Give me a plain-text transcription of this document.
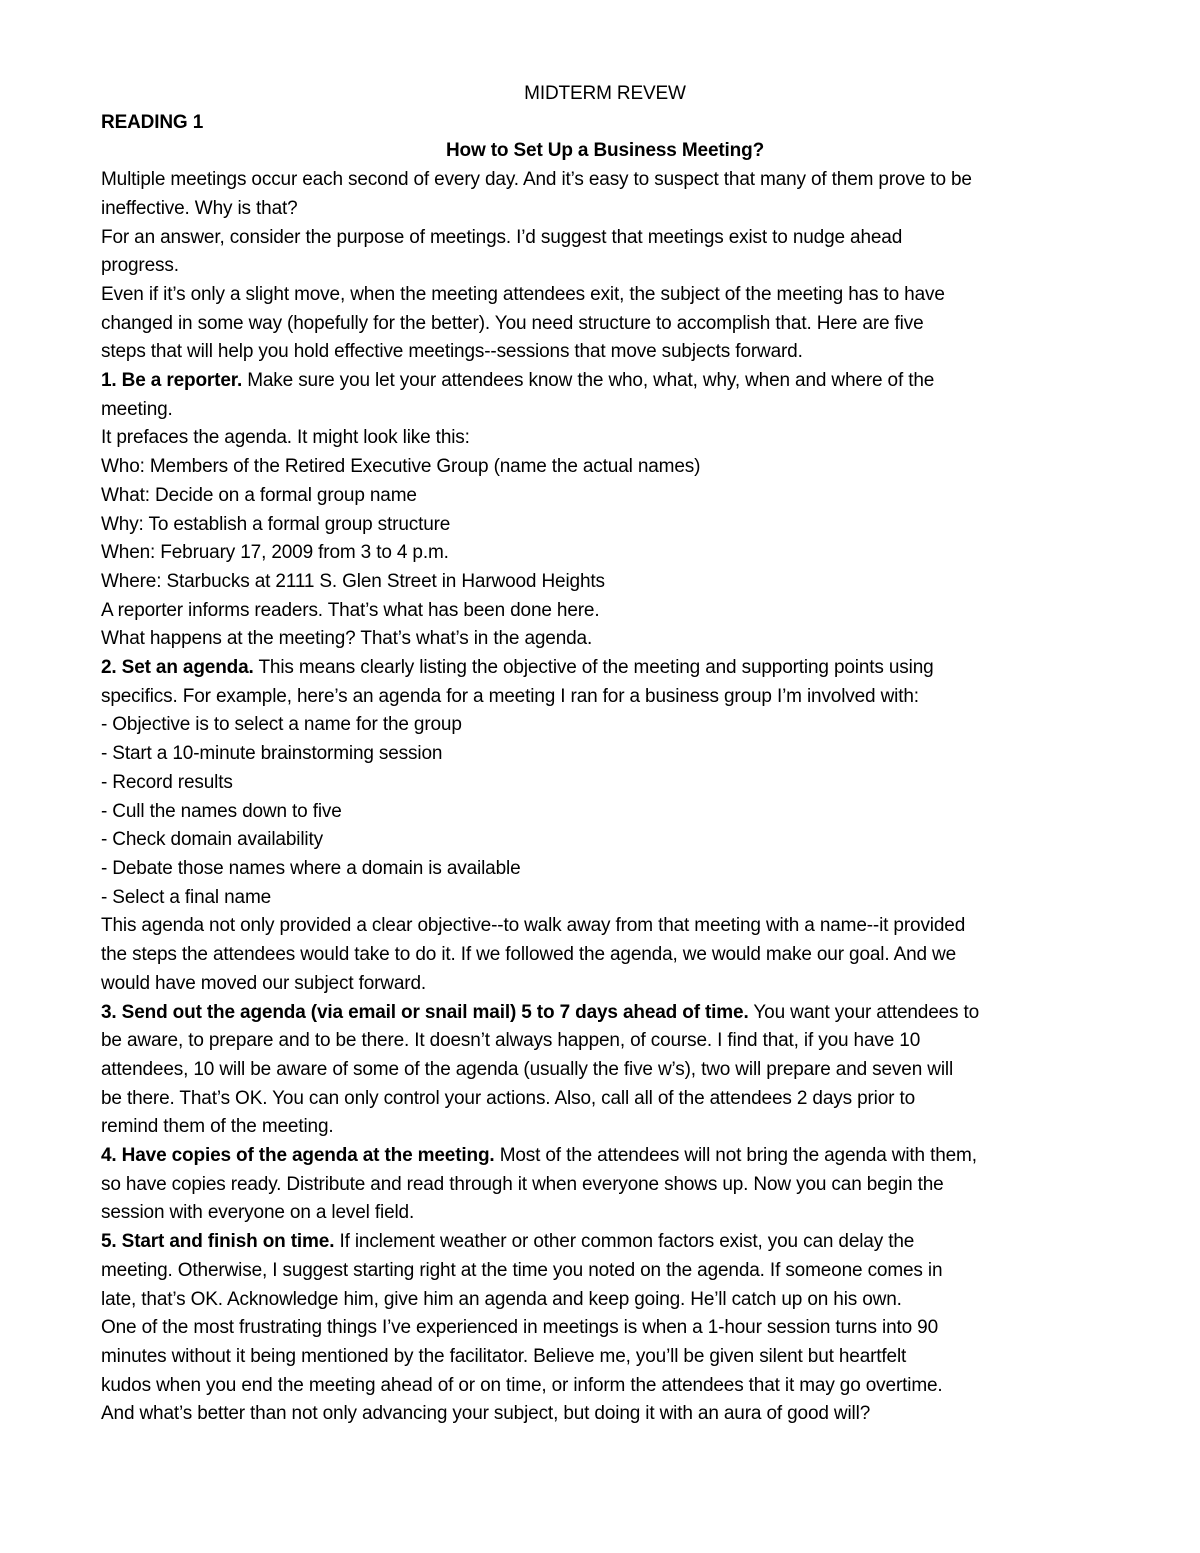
MIDTERM REVEW
READING 1
How to Set Up a Business Meeting?
Multiple meetings occur each second of every day. And it’s easy to suspect that many of them prove to be
ineffective. Why is that?
For an answer, consider the purpose of meetings. I’d suggest that meetings exist to nudge ahead
progress.
Even if it’s only a slight move, when the meeting attendees exit, the subject of the meeting has to have
changed in some way (hopefully for the better). You need structure to accomplish that. Here are five
steps that will help you hold effective meetings--sessions that move subjects forward.
1. Be a reporter. Make sure you let your attendees know the who, what, why, when and where of the
meeting.
It prefaces the agenda. It might look like this:
Who: Members of the Retired Executive Group (name the actual names)
What: Decide on a formal group name
Why: To establish a formal group structure
When: February 17, 2009 from 3 to 4 p.m.
Where: Starbucks at 2111 S. Glen Street in Harwood Heights
A reporter informs readers. That’s what has been done here.
What happens at the meeting? That’s what’s in the agenda.
2. Set an agenda. This means clearly listing the objective of the meeting and supporting points using
specifics. For example, here’s an agenda for a meeting I ran for a business group I’m involved with:
- Objective is to select a name for the group
- Start a 10-minute brainstorming session
- Record results
- Cull the names down to five
- Check domain availability
- Debate those names where a domain is available
- Select a final name
This agenda not only provided a clear objective--to walk away from that meeting with a name--it provided
the steps the attendees would take to do it. If we followed the agenda, we would make our goal. And we
would have moved our subject forward.
3. Send out the agenda (via email or snail mail) 5 to 7 days ahead of time. You want your attendees to
be aware, to prepare and to be there. It doesn’t always happen, of course. I find that, if you have 10
attendees, 10 will be aware of some of the agenda (usually the five w’s), two will prepare and seven will
be there. That’s OK. You can only control your actions. Also, call all of the attendees 2 days prior to
remind them of the meeting.
4. Have copies of the agenda at the meeting. Most of the attendees will not bring the agenda with them,
so have copies ready. Distribute and read through it when everyone shows up. Now you can begin the
session with everyone on a level field.
5. Start and finish on time. If inclement weather or other common factors exist, you can delay the
meeting. Otherwise, I suggest starting right at the time you noted on the agenda. If someone comes in
late, that’s OK. Acknowledge him, give him an agenda and keep going. He’ll catch up on his own.
One of the most frustrating things I’ve experienced in meetings is when a 1-hour session turns into 90
minutes without it being mentioned by the facilitator. Believe me, you’ll be given silent but heartfelt
kudos when you end the meeting ahead of or on time, or inform the attendees that it may go overtime.
And what’s better than not only advancing your subject, but doing it with an aura of good will?
